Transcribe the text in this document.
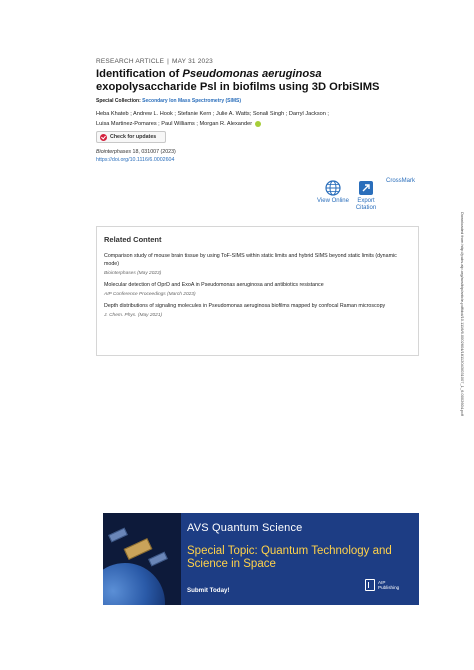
RESEARCH ARTICLE | MAY 31 2023
Identification of Pseudomonas aeruginosa
exopolysaccharide Psl in biofilms using 3D OrbiSIMS
Special Collection: Secondary Ion Mass Spectrometry (SIMS)
Heba Khateb ; Andrew L. Hook ; Stefanie Kern ; Julie A. Watts; Sonali Singh ; Darryl Jackson ;
Luisa Martinez-Pomares ; Paul Williams ; Morgan R. Alexander
Check for updates
Biointerphases 18, 031007 (2023)
https://doi.org/10.1116/6.0002604
View Online	Export Citation
CrossMark
Related Content
Comparison study of mouse brain tissue by using ToF-SIMS within static limits and hybrid SIMS beyond static limits (dynamic mode)
Biointerphases (May 2023)
Molecular detection of OprD and ExoA in Pseudomonas aeruginosa and antibiotics resistance
AIP Conference Proceedings (March 2023)
Depth distributions of signaling molecules in Pseudomonas aeruginosa biofilms mapped by confocal Raman microscopy
J. Chem. Phys. (May 2021)	Downloaded from http://pubs.aip.org/avs/bip/article-pdf/doi/10.1116/6.0002604/18112043/031007_1_6.0002604.pdf
AVS Quantum Science
Special Topic: Quantum Technology and Science in Space
Submit Today!
AIP
Publishing
